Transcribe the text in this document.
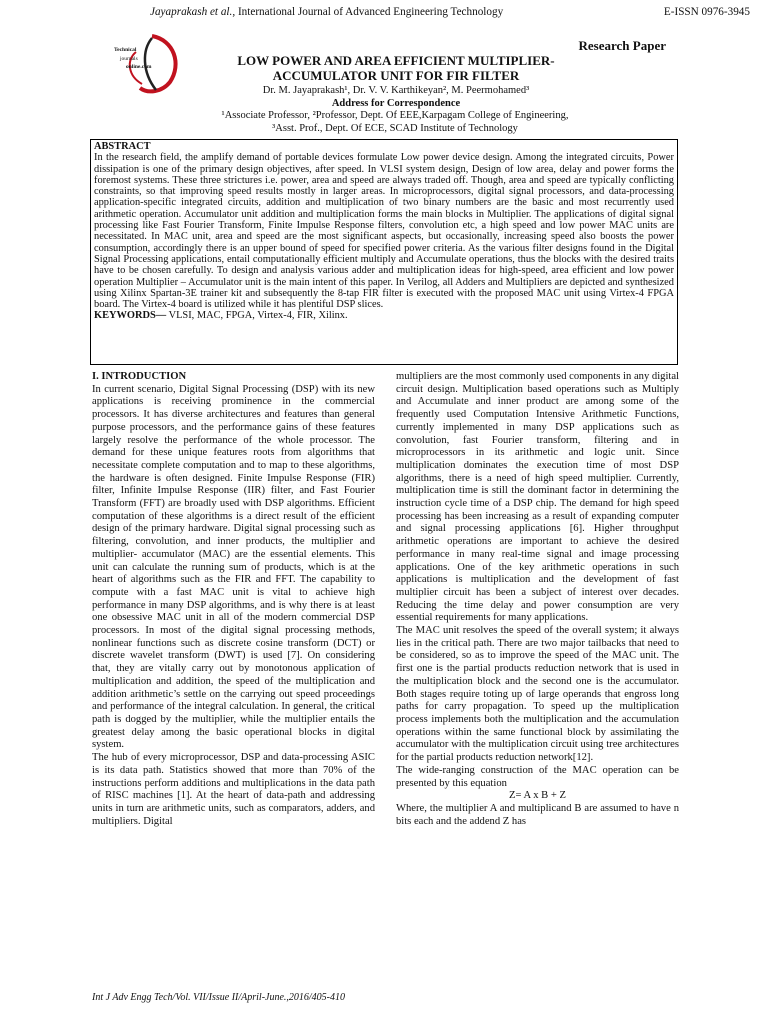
Jayaprakash et al., International Journal of Advanced Engineering Technology	E-ISSN 0976-3945
Technical
journals
online.com
Research Paper
LOW POWER AND AREA EFFICIENT MULTIPLIER-ACCUMULATOR UNIT FOR FIR FILTER
Dr. M. Jayaprakash¹, Dr. V. V. Karthikeyan², M. Peermohamed³
Address for Correspondence
¹Associate Professor, ²Professor, Dept. Of EEE,Karpagam College of Engineering,
³Asst. Prof., Dept. Of ECE, SCAD Institute of Technology
ABSTRACT

In the research field, the amplify demand of portable devices formulate Low power device design. Among the integrated circuits, Power dissipation is one of the primary design objectives, after speed. In VLSI system design, Design of low area, delay and power forms the foremost systems. These three strictures i.e. power, area and speed are always traded off. Though, area and speed are typically conflicting constraints, so that improving speed results mostly in larger areas. In microprocessors, digital signal processors, and data-processing application-specific integrated circuits, addition and multiplication of two binary numbers are the basic and most recurrently used arithmetic operation. Accumulator unit addition and multiplication forms the main blocks in Multiplier. The applications of digital signal processing like Fast Fourier Transform, Finite Impulse Response filters, convolution etc, a high speed and low power MAC units are necessitated. In MAC unit, area and speed are the most significant aspects, but occasionally, increasing speed also boosts the power consumption, accordingly there is an upper bound of speed for specified power criteria. As the various filter designs found in the Digital Signal Processing applications, entail computationally efficient multiply and Accumulate operations, thus the blocks with the desired traits have to be chosen carefully. To design and analysis various adder and multiplication ideas for high-speed, area efficient and low power operation Multiplier – Accumulator unit is the main intent of this paper. In Verilog, all Adders and Multipliers are depicted and synthesized using Xilinx Spartan-3E trainer kit and subsequently the 8-tap FIR filter is executed with the proposed MAC unit using Virtex-4 FPGA board. The Virtex-4 board is utilized while it has plentiful DSP slices.

KEYWORDS— VLSI, MAC, FPGA, Virtex-4, FIR, Xilinx.

I. INTRODUCTION

In current scenario, Digital Signal Processing (DSP) with its new applications is receiving prominence in the commercial processors. It has diverse architectures and features than general purpose processors, and the performance gains of these features largely resolve the performance of the whole processor. The demand for these unique features roots from algorithms that necessitate complete computation and to map to these algorithms, the hardware is often designed. Finite Impulse Response (FIR) filter, Infinite Impulse Response (IIR) filter, and Fast Fourier Transform (FFT) are broadly used with DSP algorithms. Efficient computation of these algorithms is a direct result of the efficient design of the primary hardware. Digital signal processing such as filtering, convolution, and inner products, the multiplier and multiplier- accumulator (MAC) are the essential elements. This unit can calculate the running sum of products, which is at the heart of algorithms such as the FIR and FFT. The capability to compute with a fast MAC unit is vital to achieve high performance in many DSP algorithms, and is why there is at least one obsessive MAC unit in all of the modern commercial DSP processors. In most of the digital signal processing methods, nonlinear functions such as discrete cosine transform (DCT) or discrete wavelet transform (DWT) is used [7]. On considering that, they are vitally carry out by monotonous application of multiplication and addition, the speed of the multiplication and addition arithmetic’s settle on the carrying out speed proceedings and performance of the integral calculation. In general, the critical path is dogged by the multiplier, while the multiplier entails the greatest delay among the basic operational blocks in digital system.

The hub of every microprocessor, DSP and data-processing ASIC is its data path. Statistics showed that more than 70% of the instructions perform additions and multiplications in the data path of RISC machines [1]. At the heart of data-path and addressing units in turn are arithmetic units, such as comparators, adders, and multipliers. Digital

multipliers are the most commonly used components in any digital circuit design. Multiplication based operations such as Multiply and Accumulate and inner product are among some of the frequently used Computation Intensive Arithmetic Functions, currently implemented in many DSP applications such as convolution, fast Fourier transform, filtering and in microprocessors in its arithmetic and logic unit. Since multiplication dominates the execution time of most DSP algorithms, there is a need of high speed multiplier. Currently, multiplication time is still the dominant factor in determining the instruction cycle time of a DSP chip. The demand for high speed processing has been increasing as a result of expanding computer and signal processing applications [6]. Higher throughput arithmetic operations are important to achieve the desired performance in many real-time signal and image processing applications. One of the key arithmetic operations in such applications is multiplication and the development of fast multiplier circuit has been a subject of interest over decades. Reducing the time delay and power consumption are very essential requirements for many applications.

The MAC unit resolves the speed of the overall system; it always lies in the critical path. There are two major tailbacks that need to be considered, so as to improve the speed of the MAC unit. The first one is the partial products reduction network that is used in the multiplication block and the second one is the accumulator. Both stages require toting up of large operands that engross long paths for carry propagation. To speed up the multiplication process implements both the multiplication and the accumulation operations within the same functional block by assimilating the accumulator with the multiplication circuit using tree architectures for the partial products reduction network[12].

The wide-ranging construction of the MAC operation can be presented by this equation

Z= A x B + Z

Where, the multiplier A and multiplicand B are assumed to have n bits each and the addend Z has

Int J Adv Engg Tech/Vol. VII/Issue II/April-June.,2016/405-410
